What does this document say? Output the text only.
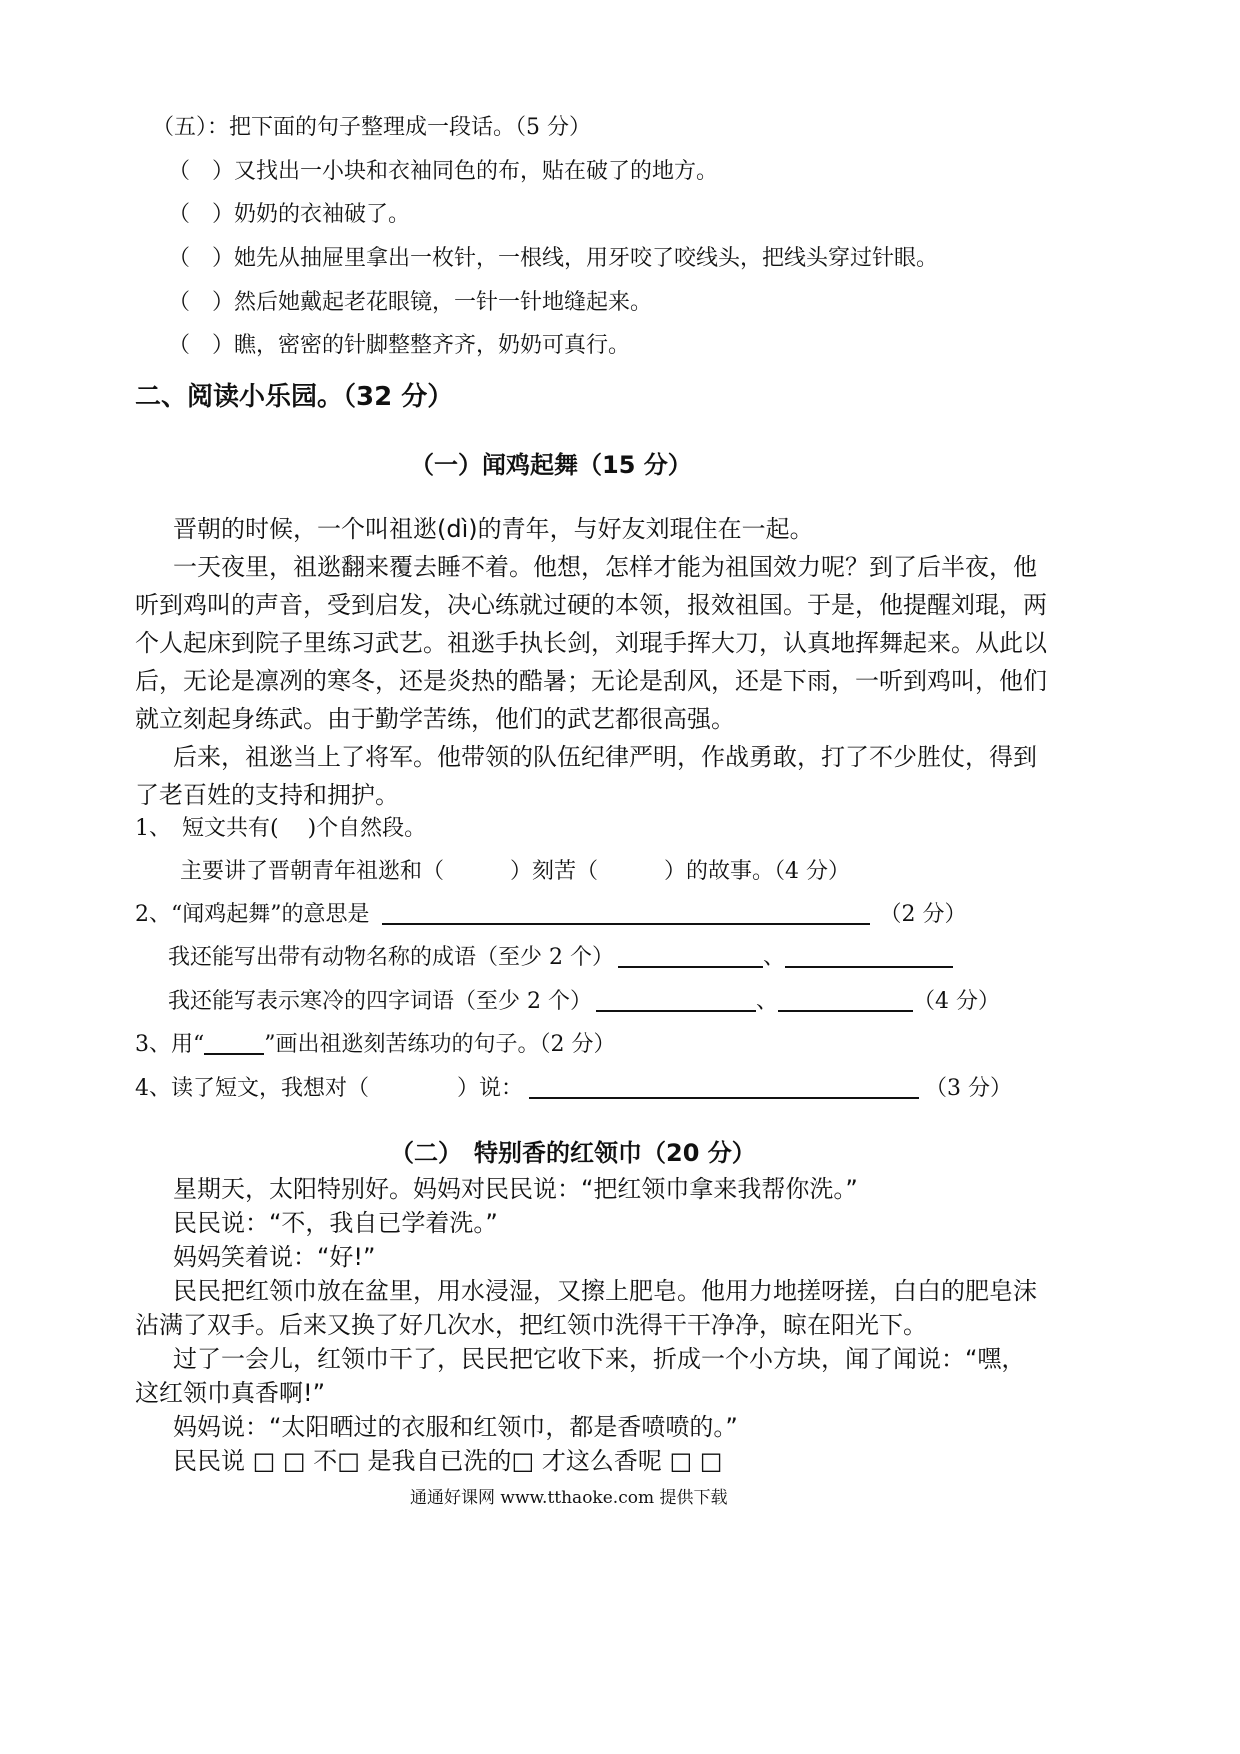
（五）：把下面的句子整理成一段话。（5 分）
（　）又找出一小块和衣袖同色的布，贴在破了的地方。
（　）奶奶的衣袖破了。
（　）她先从抽屉里拿出一枚针，一根线，用牙咬了咬线头，把线头穿过针眼。
（　）然后她戴起老花眼镜，一针一针地缝起来。
（　）瞧，密密的针脚整整齐齐，奶奶可真行。
二、阅读小乐园。（32 分）
（一）闻鸡起舞（15 分）
晋朝的时候，一个叫祖逖(dì)的青年，与好友刘琨住在一起。
一天夜里，祖逖翻来覆去睡不着。他想，怎样才能为祖国效力呢？到了后半夜，他
听到鸡叫的声音，受到启发，决心练就过硬的本领，报效祖国。于是，他提醒刘琨，两
个人起床到院子里练习武艺。祖逖手执长剑，刘琨手挥大刀，认真地挥舞起来。从此以
后，无论是凛冽的寒冬，还是炎热的酷暑；无论是刮风，还是下雨，一听到鸡叫，他们
就立刻起身练武。由于勤学苦练，他们的武艺都很高强。
后来，祖逖当上了将军。他带领的队伍纪律严明，作战勇敢，打了不少胜仗，得到
了老百姓的支持和拥护。
1、　短文共有(　 )个自然段。
主要讲了晋朝青年祖逖和（　　　）刻苦（　　　）的故事。（4 分）
2、“闻鸡起舞”的意思是	（2 分）
我还能写出带有动物名称的成语（至少 2 个）	、
我还能写表示寒冷的四字词语（至少 2 个）	、	（4 分）
3、用“	”画出祖逖刻苦练功的句子。（2 分）
4、读了短文，我想对（　　　　）说：	（3 分）
（二）　特别香的红领巾（20 分）
星期天，太阳特别好。妈妈对民民说：“把红领巾拿来我帮你洗。”
民民说：“不，我自已学着洗。”
妈妈笑着说：“好!”
民民把红领巾放在盆里，用水浸湿，又擦上肥皂。他用力地搓呀搓，白白的肥皂沫
沾满了双手。后来又换了好几次水，把红领巾洗得干干净净，晾在阳光下。
过了一会儿，红领巾干了，民民把它收下来，折成一个小方块，闻了闻说：“嘿，
这红领巾真香啊!”
妈妈说：“太阳晒过的衣服和红领巾，都是香喷喷的。”
民民说 □ □ 不□ 是我自已洗的□ 才这么香呢 □ □
通通好课网 www.tthaoke.com 提供下载
